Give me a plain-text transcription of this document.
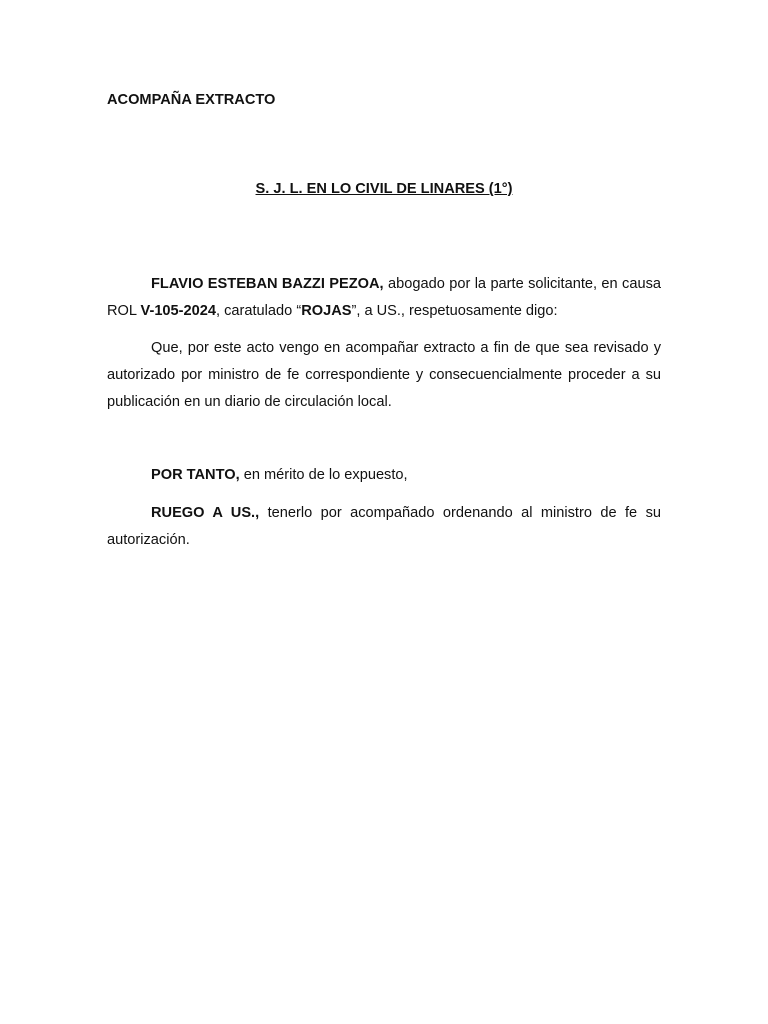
ACOMPAÑA EXTRACTO

S. J. L. EN LO CIVIL DE LINARES (1°)

FLAVIO ESTEBAN BAZZI PEZOA, abogado por la parte solicitante, en causa ROL V-105-2024, caratulado “ROJAS”, a US., respetuosamente digo:

Que, por este acto vengo en acompañar extracto a fin de que sea revisado y autorizado por ministro de fe correspondiente y consecuencialmente proceder a su publicación en un diario de circulación local.

POR TANTO, en mérito de lo expuesto,

RUEGO A US., tenerlo por acompañado ordenando al ministro de fe su autorización.
